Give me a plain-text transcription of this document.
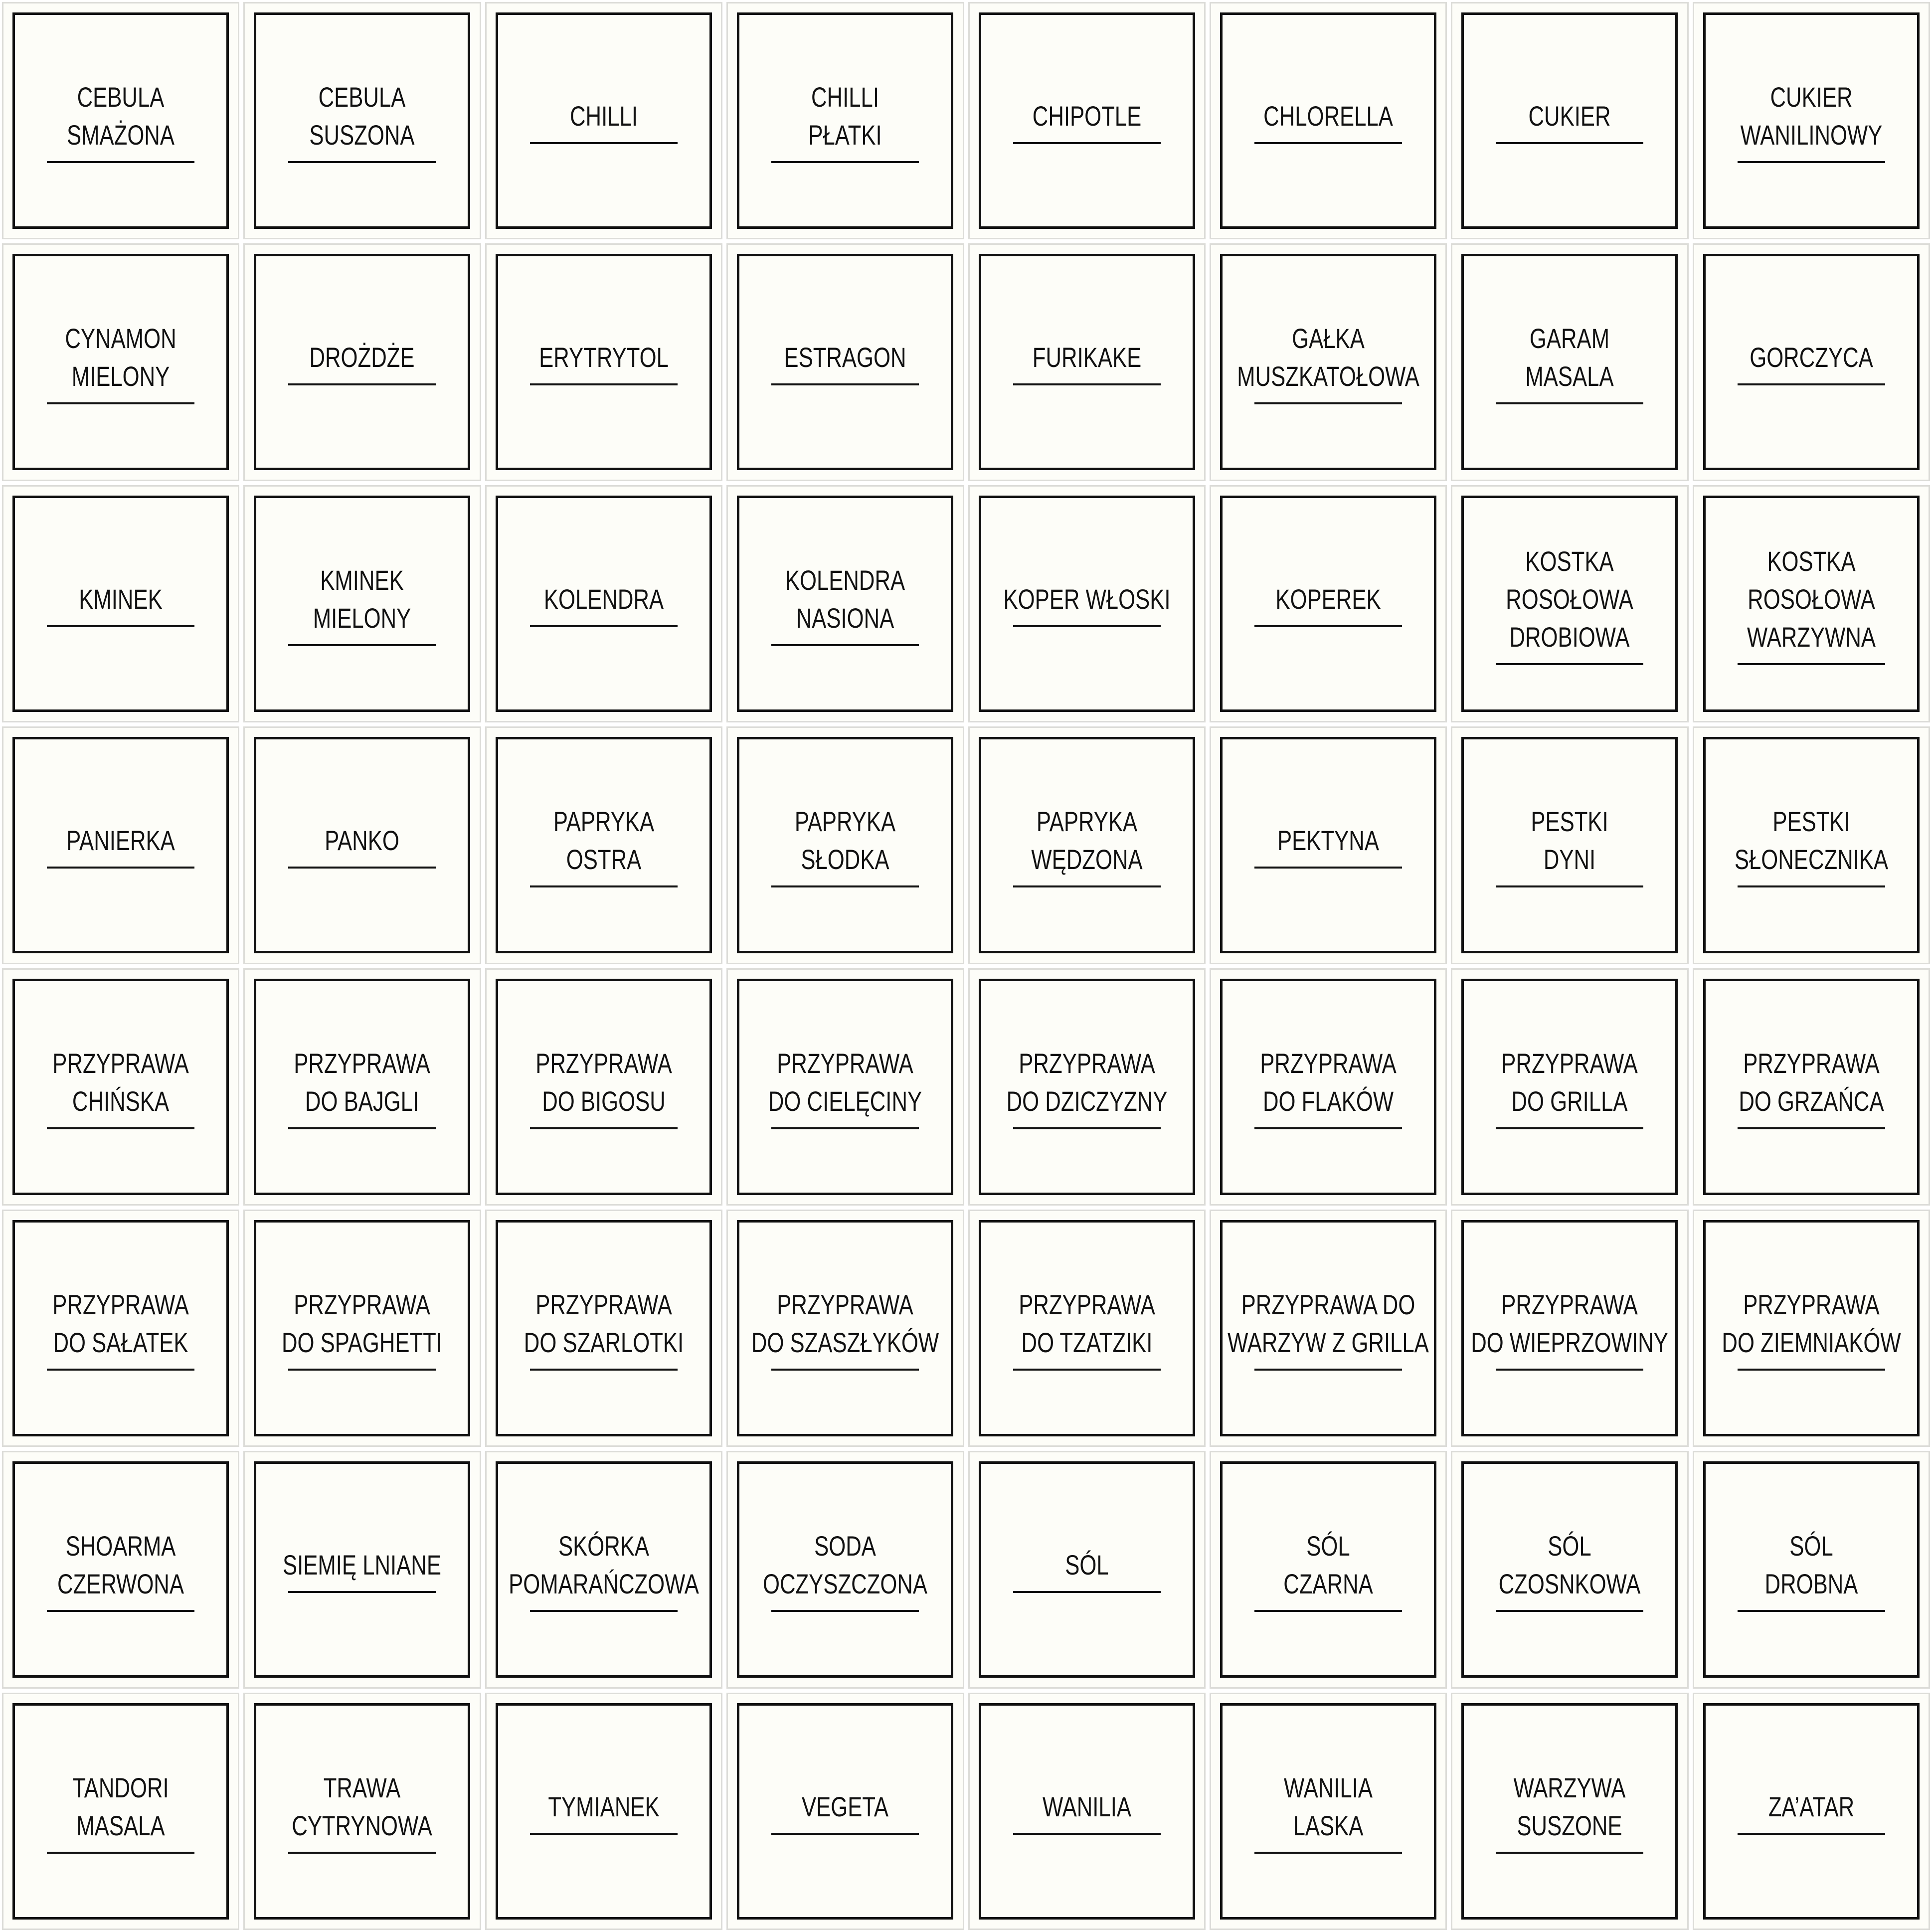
CEBULA
SMAŻONA
CEBULA
SUSZONA
CHILLI
CHILLI
PŁATKI
CHIPOTLE	CHLORELLA	CUKIER
CUKIER
WANILINOWY
CYNAMON
MIELONY
DROŻDŻE	ERYTRYTOL	ESTRAGON	FURIKAKE
GAŁKA
MUSZKATOŁOWA
GARAM
MASALA
GORCZYCA
KMINEK
KMINEK
MIELONY
KOLENDRA
KOLENDRA
NASIONA
KOPER WŁOSKI	KOPEREK
KOSTKA
ROSOŁOWA
DROBIOWA
KOSTKA
ROSOŁOWA
WARZYWNA
PANIERKA	PANKO
PAPRYKA
OSTRA
PAPRYKA
SŁODKA
PAPRYKA
WĘDZONA
PEKTYNA
PESTKI
DYNI
PESTKI
SŁONECZNIKA
PRZYPRAWA
CHIŃSKA
PRZYPRAWA
DO BAJGLI
PRZYPRAWA
DO BIGOSU
PRZYPRAWA
DO CIELĘCINY
PRZYPRAWA
DO DZICZYZNY
PRZYPRAWA
DO FLAKÓW
PRZYPRAWA
DO GRILLA
PRZYPRAWA
DO GRZAŃCA
PRZYPRAWA
DO SAŁATEK
PRZYPRAWA
DO SPAGHETTI
PRZYPRAWA
DO SZARLOTKI
PRZYPRAWA
DO SZASZŁYKÓW
PRZYPRAWA
DO TZATZIKI
PRZYPRAWA DO
WARZYW Z GRILLA
PRZYPRAWA
DO WIEPRZOWINY
PRZYPRAWA
DO ZIEMNIAKÓW
SHOARMA
CZERWONA
SIEMIĘ LNIANE
SKÓRKA
POMARAŃCZOWA
SODA
OCZYSZCZONA
SÓL
SÓL
CZARNA
SÓL
CZOSNKOWA
SÓL
DROBNA
TANDORI
MASALA
TRAWA
CYTRYNOWA
TYMIANEK	VEGETA	WANILIA
WANILIA
LASKA
WARZYWA
SUSZONE
ZA’ATAR
